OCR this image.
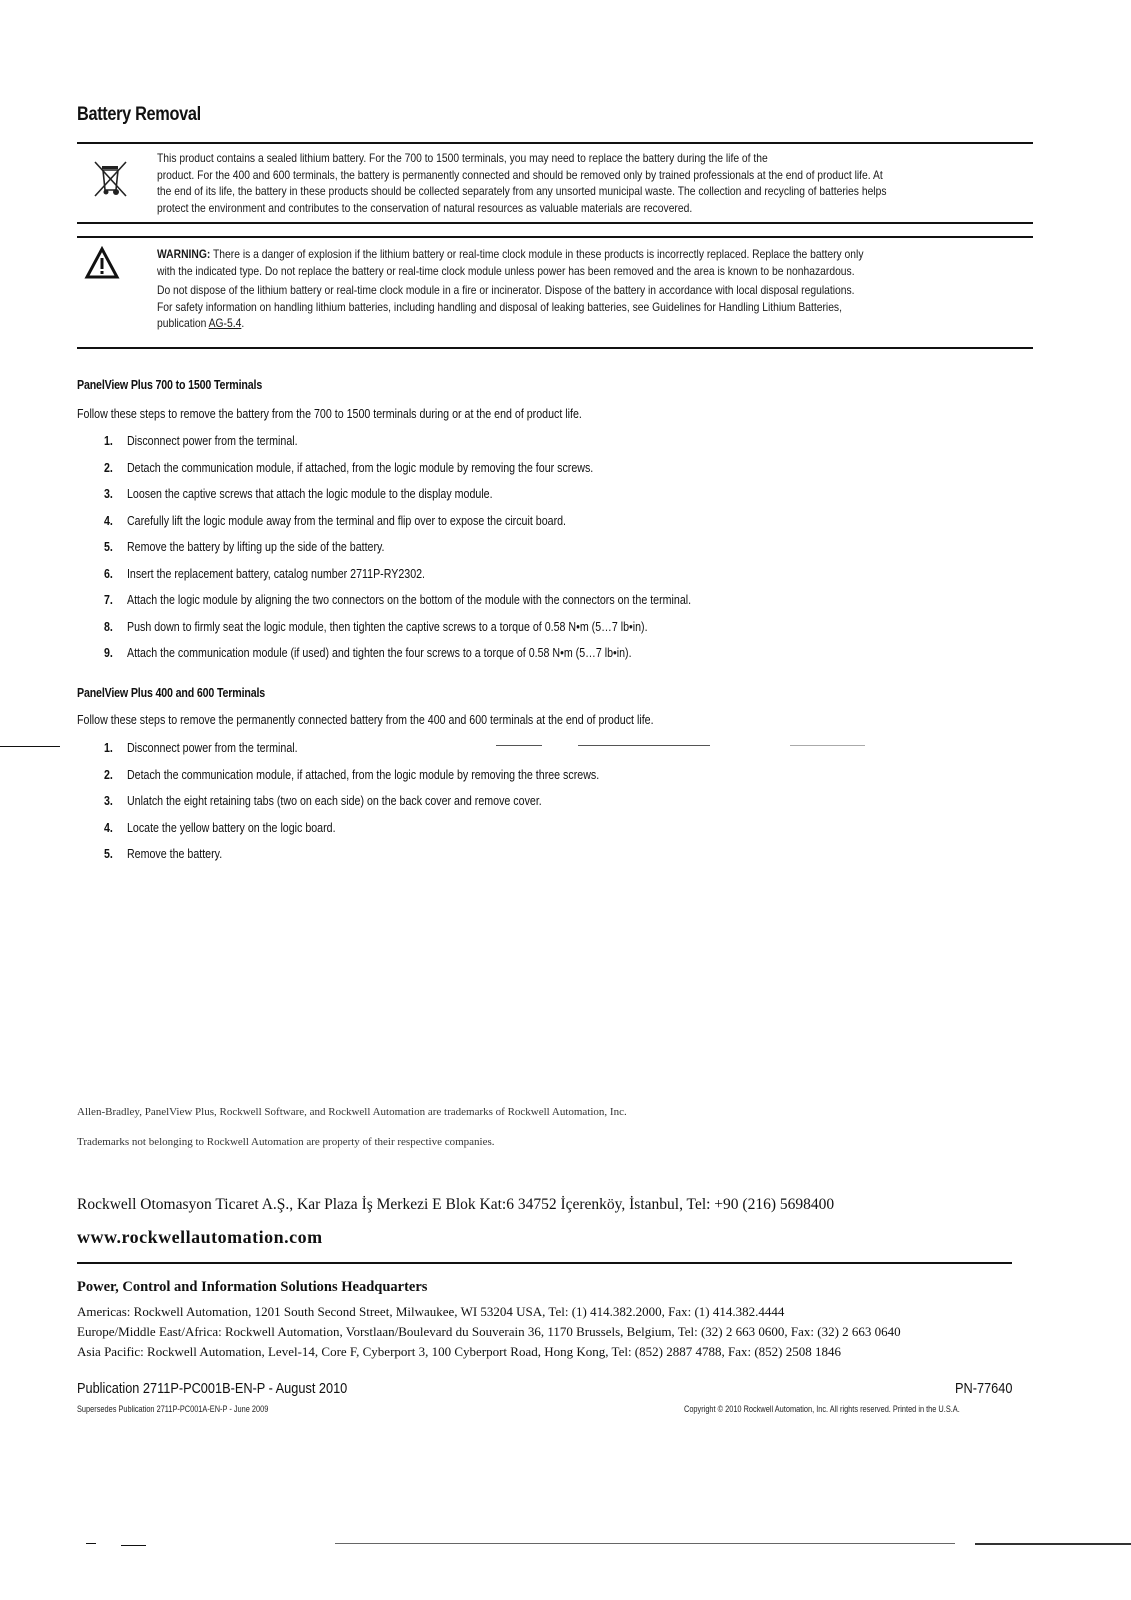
Battery Removal
This product contains a sealed lithium battery. For the 700 to 1500 terminals, you may need to replace the battery during the life of the
product. For the 400 and 600 terminals, the battery is permanently connected and should be removed only by trained professionals at the end of product life. At
the end of its life, the battery in these products should be collected separately from any unsorted municipal waste. The collection and recycling of batteries helps
protect the environment and contributes to the conservation of natural resources as valuable materials are recovered.

WARNING: There is a danger of explosion if the lithium battery or real-time clock module in these products is incorrectly replaced. Replace the battery only

with the indicated type. Do not replace the battery or real-time clock module unless power has been removed and the area is known to be nonhazardous.

Do not dispose of the lithium battery or real-time clock module in a fire or incinerator. Dispose of the battery in accordance with local disposal regulations.

For safety information on handling lithium batteries, including handling and disposal of leaking batteries, see Guidelines for Handling Lithium Batteries,

publication AG-5.4.

PanelView Plus 700 to 1500 Terminals
Follow these steps to remove the battery from the 700 to 1500 terminals during or at the end of product life.
1. Disconnect power from the terminal.
2. Detach the communication module, if attached, from the logic module by removing the four screws.
3. Loosen the captive screws that attach the logic module to the display module.
4. Carefully lift the logic module away from the terminal and flip over to expose the circuit board.
5. Remove the battery by lifting up the side of the battery.
6. Insert the replacement battery, catalog number 2711P-RY2302.
7. Attach the logic module by aligning the two connectors on the bottom of the module with the connectors on the terminal.
8. Push down to firmly seat the logic module, then tighten the captive screws to a torque of 0.58 N•m (5…7 lb•in).
9. Attach the communication module (if used) and tighten the four screws to a torque of 0.58 N•m (5…7 lb•in).
PanelView Plus 400 and 600 Terminals
Follow these steps to remove the permanently connected battery from the 400 and 600 terminals at the end of product life.
1. Disconnect power from the terminal.
2. Detach the communication module, if attached, from the logic module by removing the three screws.
3. Unlatch the eight retaining tabs (two on each side) on the back cover and remove cover.
4. Locate the yellow battery on the logic board.
5. Remove the battery.
Allen-Bradley, PanelView Plus, Rockwell Software, and Rockwell Automation are trademarks of Rockwell Automation, Inc.
Trademarks not belonging to Rockwell Automation are property of their respective companies.
Rockwell Otomasyon Ticaret A.Ş., Kar Plaza İş Merkezi E Blok Kat:6 34752 İçerenköy, İstanbul, Tel: +90 (216) 5698400
www.rockwellautomation.com
Power, Control and Information Solutions Headquarters
Americas: Rockwell Automation, 1201 South Second Street, Milwaukee, WI 53204 USA, Tel: (1) 414.382.2000, Fax: (1) 414.382.4444
Europe/Middle East/Africa: Rockwell Automation, Vorstlaan/Boulevard du Souverain 36, 1170 Brussels, Belgium, Tel: (32) 2 663 0600, Fax: (32) 2 663 0640
Asia Pacific: Rockwell Automation, Level-14, Core F, Cyberport 3, 100 Cyberport Road, Hong Kong, Tel: (852) 2887 4788, Fax: (852) 2508 1846
Publication 2711P-PC001B-EN-P - August 2010	PN-77640
Supersedes Publication 2711P-PC001A-EN-P - June 2009	Copyright © 2010 Rockwell Automation, Inc. All rights reserved. Printed in the U.S.A.
